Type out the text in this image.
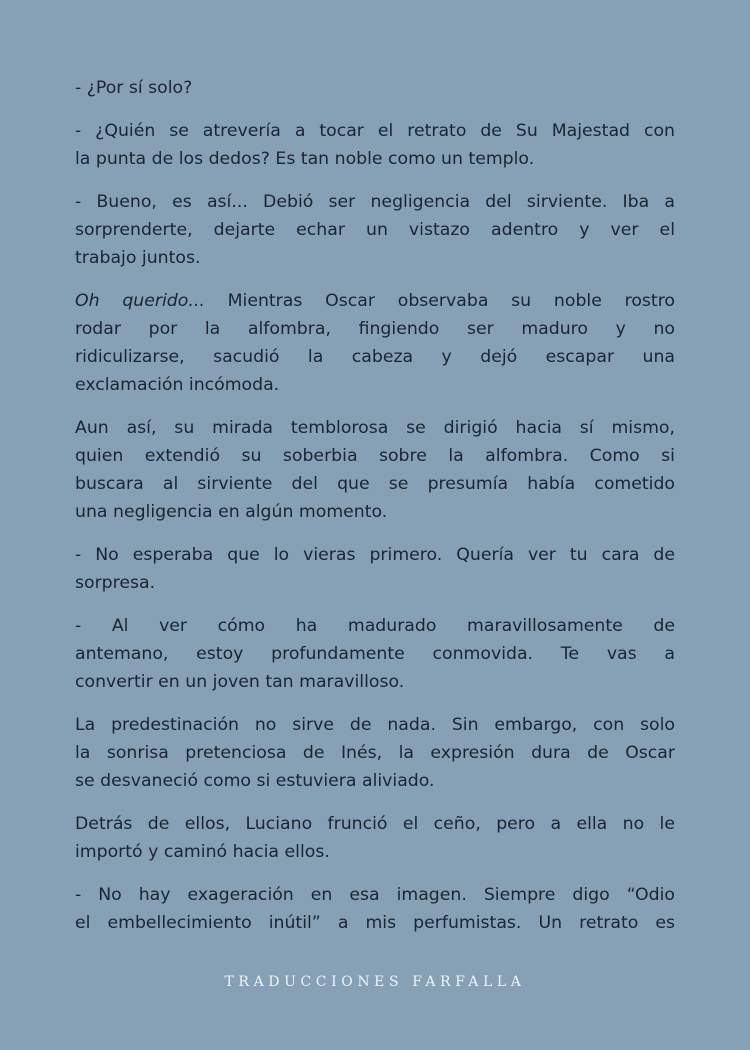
- ¿Por sí solo?

- ¿Quién se atrevería a tocar el retrato de Su Majestad con
la punta de los dedos? Es tan noble como un templo.

- Bueno, es así... Debió ser negligencia del sirviente. Iba a
sorprenderte, dejarte echar un vistazo adentro y ver el
trabajo juntos.

Oh querido... Mientras Oscar observaba su noble rostro
rodar por la alfombra, fingiendo ser maduro y no
ridiculizarse, sacudió la cabeza y dejó escapar una
exclamación incómoda.

Aun así, su mirada temblorosa se dirigió hacia sí mismo,
quien extendió su soberbia sobre la alfombra. Como si
buscara al sirviente del que se presumía había cometido
una negligencia en algún momento.

- No esperaba que lo vieras primero. Quería ver tu cara de
sorpresa.

- Al ver cómo ha madurado maravillosamente de
antemano, estoy profundamente conmovida. Te vas a
convertir en un joven tan maravilloso.

La predestinación no sirve de nada. Sin embargo, con solo
la sonrisa pretenciosa de Inés, la expresión dura de Oscar
se desvaneció como si estuviera aliviado.

Detrás de ellos, Luciano frunció el ceño, pero a ella no le
importó y caminó hacia ellos.

- No hay exageración en esa imagen. Siempre digo “Odio
el embellecimiento inútil” a mis perfumistas. Un retrato es

TRADUCCIONES FARFALLA
